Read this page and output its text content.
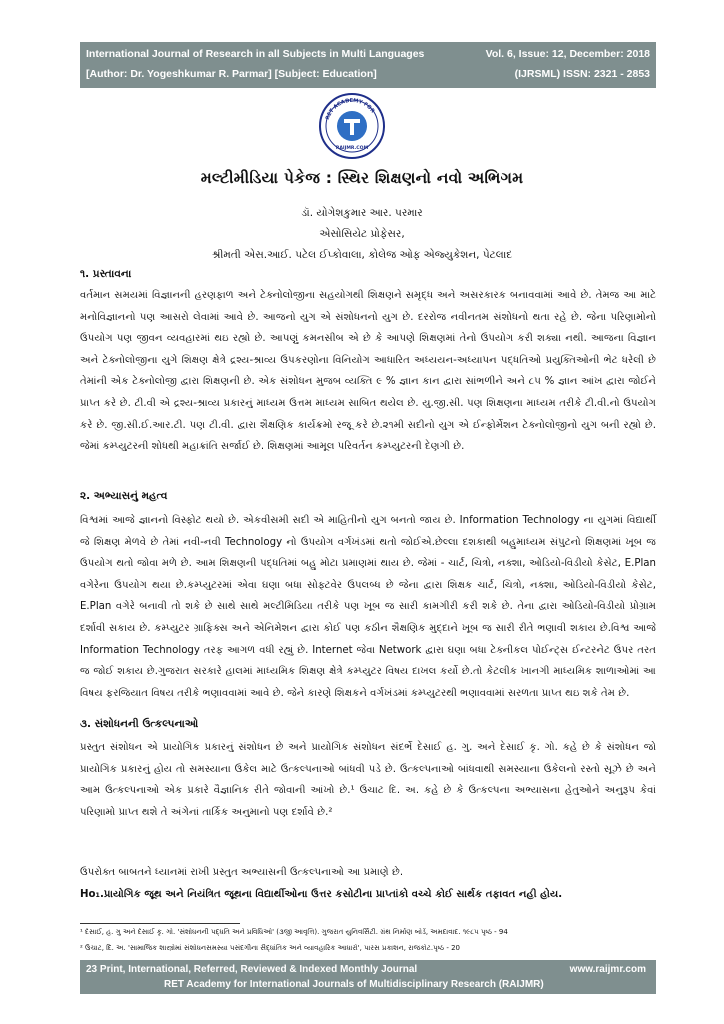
International Journal of Research in all Subjects in Multi Languages
[Author: Dr. Yogeshkumar R. Parmar] [Subject: Education]
Vol. 6, Issue: 12, December: 2018
(IJRSML) ISSN: 2321 - 2853
RET ACADEMY FOR
RAIJMR.COM
મલ્ટીમીડિયા પેકેજ : સ્થિર શિક્ષણનો નવો અભિગમ
ડૉ. યોગેશકુમાર આર. પરમાર
એસોસિયેટ પ્રોફેસર,
શ્રીમતી એસ.આઈ. પટેલ ઈપ્કોવાલા, કોલેજ ઓફ એજ્યુકેશન, પેટલાદ
૧. પ્રસ્તાવના

વર્તમાન સમયમાં વિજ્ઞાનની હરણફાળ અને ટેક્નોલોજીના સહયોગથી શિક્ષણને સમૃદ્ધ અને અસરકારક બનાવવામાં આવે છે. તેમજ આ માટે મનોવિજ્ઞાનનો પણ આસરો લેવામાં આવે છે. આજનો યુગ એ સંશોધનનો યુગ છે. દરરોજ નવીનતમ સંશોધનો થતા રહે છે. જેના પરિણામોનો ઉપયોગ પણ જીવન વ્યવહારમાં થઇ રહ્યો છે. આપણું કમનસીબ એ છે કે આપણે શિક્ષણમાં તેનો ઉપયોગ કરી શક્યા નથી. આજના વિજ્ઞાન અને ટેક્નોલોજીના યુગે શિક્ષણ ક્ષેત્રે દ્રશ્ય-શ્રાવ્ય ઉપકરણોના વિનિયોગ આધારિત અધ્યયન-અધ્યાપન પદ્ધતિઓ પ્રયુક્તિઓની ભેટ ધરેલી છે તેમાંની એક ટેક્નોલોજી દ્વારા શિક્ષણની છે. એક સંશોધન મુજબ વ્યક્તિ ૯ % જ્ઞાન કાન દ્વારા સાંભળીને અને ૮૫ % જ્ઞાન આંખ દ્વારા જોઈને પ્રાપ્ત કરે છે. ટી.વી એ દ્રશ્ય-શ્રાવ્ય પ્રકારનું માધ્યમ ઉત્તમ માધ્યમ સાબિત થયેલ છે. યુ.જી.સી. પણ શિક્ષણના માધ્યમ તરીકે ટી.વી.નો ઉપયોગ કરે છે. જી.સી.ઈ.આર.ટી. પણ ટી.વી. દ્વારા શૈક્ષણિક કાર્યક્રમો રજૂ કરે છે.૨૧મી સદીનો યુગ એ ઈન્ફોર્મેશન ટેક્નોલોજીનો યુગ બની રહ્યો છે. જેમાં કમ્પ્યુટરની શોધથી મહાક્રાંતિ સર્જાઈ છે. શિક્ષણમાં આમૂલ પરિવર્તન કમ્પ્યુટરની દેણગી છે.

૨. અભ્યાસનું મહત્વ

વિશ્વમાં આજે જ્ઞાનનો વિસ્ફોટ થયો છે. એકવીસમી સદી એ માહિતીનો યુગ બનતો જાય છે. Information Technology ના યુગમાં વિદ્યાર્થી જે શિક્ષણ મેળવે છે તેમાં નવી-નવી Technology નો ઉપયોગ વર્ગખંડમાં થતો જોઈએ.છેલ્લા દશકાથી બહુમાધ્યમ સંપુટનો શિક્ષણમાં ખૂબ જ ઉપયોગ થતો જોવા મળે છે. આમ શિક્ષણની પદ્ધતિમાં બહુ મોટા પ્રમાણમાં થાય છે. જેમાં - ચાર્ટ, ચિત્રો, નક્શા, ઓડિયો-વિડીયો કેસેટ, E.Plan વગેરેના ઉપયોગ થયા છે.કમ્પ્યુટરમાં એવા ઘણા બધા સોફ્ટવેર ઉપલબ્ધ છે જેના દ્વારા શિક્ષક ચાર્ટ, ચિત્રો, નક્શા, ઓડિયો-વિડીયો કેસેટ, E.Plan વગેરે બનાવી તો શકે છે સાથે સાથે મલ્ટીમિડિયા તરીકે પણ ખૂબ જ સારી કામગીરી કરી શકે છે. તેના દ્વારા ઓડિયો-વિડીયો પ્રોગ્રામ દર્શાવી સકાય છે. કમ્પ્યુટર ગ્રાફિક્સ અને એનિમેશન દ્વારા કોઈ પણ કઠીન શૈક્ષણિક મુદ્દાને ખૂબ જ સારી રીતે ભણાવી શકાય છે.વિશ્વ આજે Information Technology તરફ આગળ વધી રહ્યું છે. Internet જેવા Network દ્વારા ઘણા બધા ટેક્નીકલ પોઈન્ટ્સ ઈન્ટરનેટ ઉપર તરત જ જોઈ શકાય છે.ગુજરાત સરકારે હાલમાં માધ્યમિક શિક્ષણ ક્ષેત્રે કમ્પ્યુટર વિષય દાખલ કર્યો છે.તો કેટલીક ખાનગી માધ્યમિક શાળાઓમાં આ વિષય ફરજિયાત વિષય તરીકે ભણાવવામાં આવે છે. જેને કારણે શિક્ષકને વર્ગખંડમાં કમ્પ્યુટરથી ભણાવવામાં સરળતા પ્રાપ્ત થઇ શકે તેમ છે.

૩. સંશોધનની ઉત્કલ્પનાઓ

પ્રસ્તુત સંશોધન એ પ્રાયોગિક પ્રકારનું સંશોધન છે અને પ્રાયોગિક સંશોધન સંદર્ભે દેસાઈ હ. ગુ. અને દેસાઈ કૃ. ગો. કહે છે કે સંશોધન જો પ્રાયોગિક પ્રકારનું હોય તો સમસ્યાના ઉકેલ માટે ઉત્કલ્પનાઓ બાંધવી પડે છે. ઉત્કલ્પનાઓ બાંધવાથી સમસ્યાના ઉકેલનો રસ્તો સૂઝે છે અને આમ ઉત્કલ્પનાઓ એક પ્રકારે વૈજ્ઞાનિક રીતે જોવાની આંખો છે.¹ ઉચાટ દિ. અ. કહે છે કે ઉત્કલ્પના અભ્યાસના હેતુઓને અનુરૂપ કેવાં પરિણામો પ્રાપ્ત થશે તે અંગેનાં તાર્કિક અનુમાનો પણ દર્શાવે છે.²

ઉપરોક્ત બાબતને ધ્યાનમાં રાખી પ્રસ્તુત અભ્યાસની ઉત્કલ્પનાઓ આ પ્રમાણે છે.
Ho₁.પ્રાયોગિક જૂથ અને નિયંત્રિત જૂથના વિદ્યાર્થીઓના ઉત્તર કસોટીના પ્રાપ્તાંકો વચ્ચે કોઈ સાર્થક તફાવત નહી હોય.
¹ દેસાઈ, હ. ગુ અને દેસાઈ કૃ. ગો. 'સંશોધનની પદ્ધતિ અને પ્રવિધિઓ' (૩જી આવૃત્તિ). ગુજરાત યુનિવર્સિટી. ગ્રંથ નિર્માણ બોર્ડ, અમદાવાદ. ૧૯૮૫ પૃષ્ઠ - 94
² ઉચાટ, દિ. અ. 'સામાજિક શાસ્ત્રોમાં સંશોધનસમસ્યા પસંદગીના સૈદ્ધાંતિક અને વ્યાવહારિક આધારો', પારસ પ્રકાશન, રાજકોટ.પૃષ્ઠ - 20
23 Print, International, Referred, Reviewed & Indexed Monthly Journal
RET Academy for International Journals of Multidisciplinary Research (RAIJMR)
www.raijmr.com
